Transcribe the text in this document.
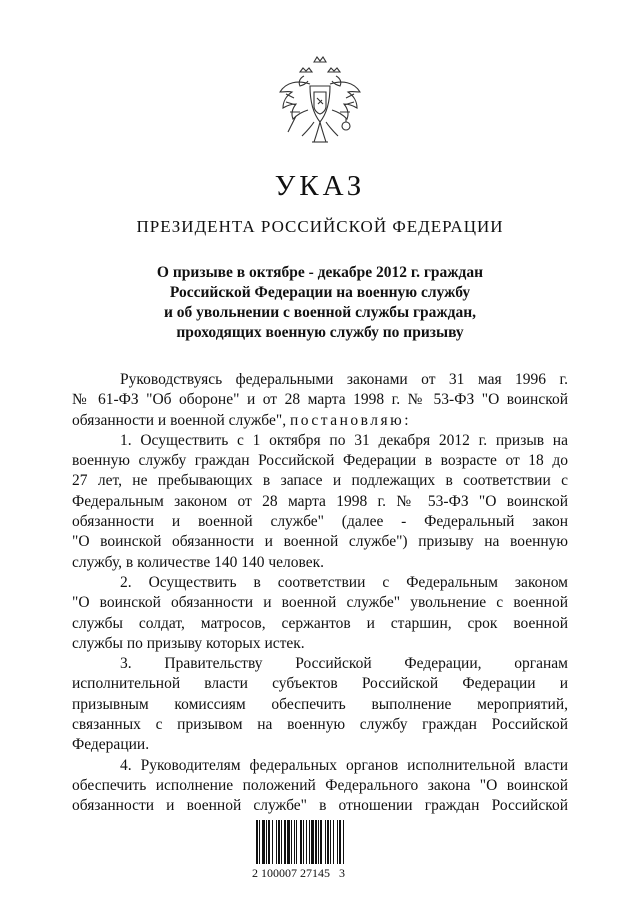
УКАЗ
ПРЕЗИДЕНТА РОССИЙСКОЙ ФЕДЕРАЦИИ
О призыве в октябре - декабре 2012 г. граждан
Российской Федерации на военную службу
и об увольнении с военной службы граждан,
проходящих военную службу по призыву
Руководствуясь федеральными законами от 31 мая 1996 г.
№ 61-ФЗ "Об обороне" и от 28 марта 1998 г. № 53-ФЗ "О воинской
обязанности и военной службе", постановляю:
1. Осуществить с 1 октября по 31 декабря 2012 г. призыв на
военную службу граждан Российской Федерации в возрасте от 18 до
27 лет, не пребывающих в запасе и подлежащих в соответствии с
Федеральным законом от 28 марта 1998 г. № 53-ФЗ "О воинской
обязанности и военной службе" (далее - Федеральный закон
"О воинской обязанности и военной службе") призыву на военную
службу, в количестве 140 140 человек.
2. Осуществить в соответствии с Федеральным законом
"О воинской обязанности и военной службе" увольнение с военной
службы солдат, матросов, сержантов и старшин, срок военной
службы по призыву которых истек.
3. Правительству Российской Федерации, органам
исполнительной власти субъектов Российской Федерации и
призывным комиссиям обеспечить выполнение мероприятий,
связанных с призывом на военную службу граждан Российской
Федерации.
4. Руководителям федеральных органов исполнительной власти
обеспечить исполнение положений Федерального закона "О воинской
обязанности и военной службе" в отношении граждан Российской
2 100007 27145   3
